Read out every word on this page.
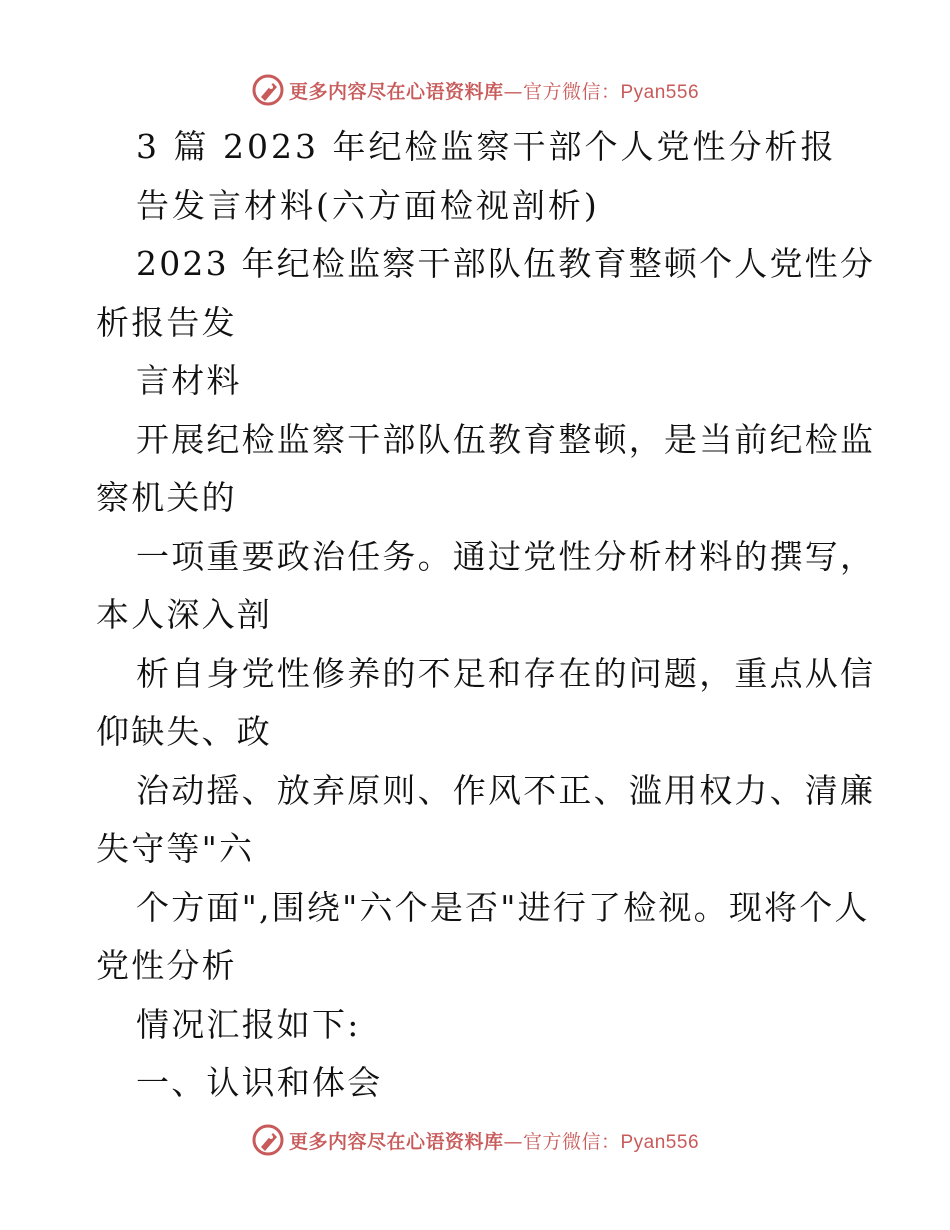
更多内容尽在心语资料库—官方微信：Pyan556
3 篇 2023 年纪检监察干部个人党性分析报
告发言材料(六方面检视剖析)
2023 年纪检监察干部队伍教育整顿个人党性分
析报告发
言材料
开展纪检监察干部队伍教育整顿，是当前纪检监
察机关的
一项重要政治任务。通过党性分析材料的撰写，
本人深入剖
析自身党性修养的不足和存在的问题，重点从信
仰缺失、政
治动摇、放弃原则、作风不正、滥用权力、清廉
失守等"六
个方面",围绕"六个是否"进行了检视。现将个人
党性分析
情况汇报如下:
一、认识和体会
更多内容尽在心语资料库—官方微信：Pyan556
